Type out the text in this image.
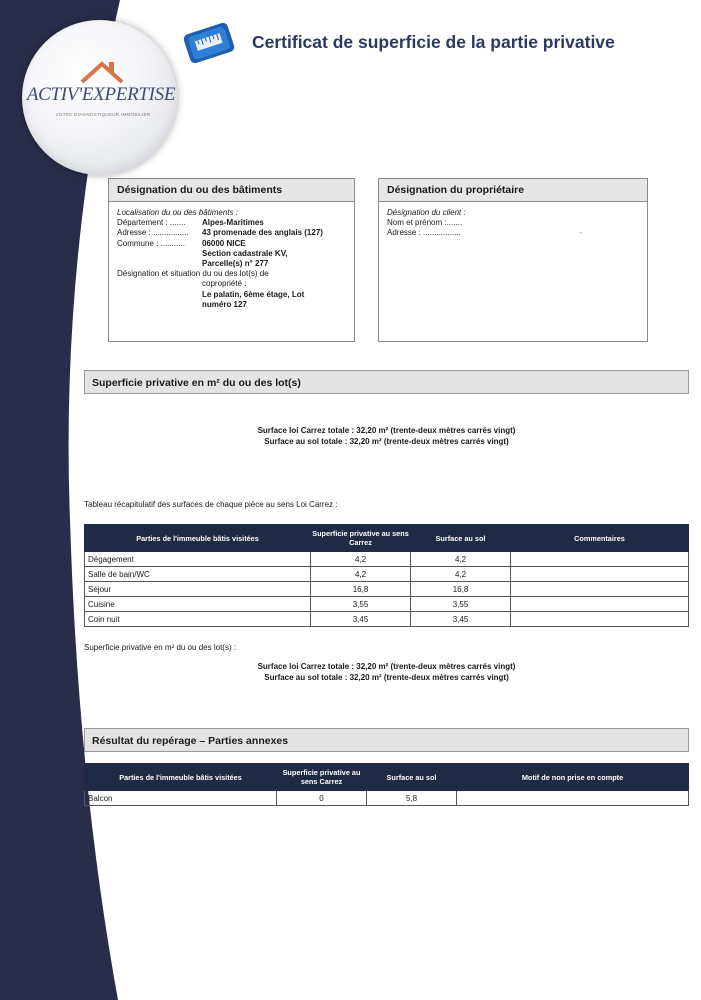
ACTIV'EXPERTISE
VOTRE DIAGNOSTIQUEUR IMMOBILIER
Certificat de superficie de la partie privative
Désignation du ou des bâtiments
Localisation du ou des bâtiments :
Département : .......	Alpes-Maritimes
Adresse : ................	43 promenade des anglais (127)
Commune : ...........	06000 NICE
Section cadastrale KV,
Parcelle(s) n° 277
Désignation et situation du ou des lot(s) de
copropriété :
Le palatin, 6ème étage, Lot
numéro 127
Désignation du propriétaire
Désignation du client :
Nom et prénom :.......
Adresse : .................	-
Superficie privative en m² du ou des lot(s)
Surface loi Carrez totale : 32,20 m² (trente-deux mètres carrés vingt)
Surface au sol totale : 32,20 m² (trente-deux mètres carrés vingt)
Tableau récapitulatif des surfaces de chaque pièce au sens Loi Carrez :
Parties de l'immeuble bâtis visitées	Superficie privative au sens Carrez	Surface au sol	Commentaires
Dégagement	4,2	4,2	
Salle de bain/WC	4,2	4,2	
Séjour	16,8	16,8	
Cuisine	3,55	3,55	
Coin nuit	3,45	3,45	
Superficie privative en m² du ou des lot(s) :
Surface loi Carrez totale : 32,20 m² (trente-deux mètres carrés vingt)
Surface au sol totale : 32,20 m² (trente-deux mètres carrés vingt)
Résultat du repérage – Parties annexes
Parties de l'immeuble bâtis visitées	Superficie privative au sens Carrez	Surface au sol	Motif de non prise en compte
Balcon	0	5,8	
